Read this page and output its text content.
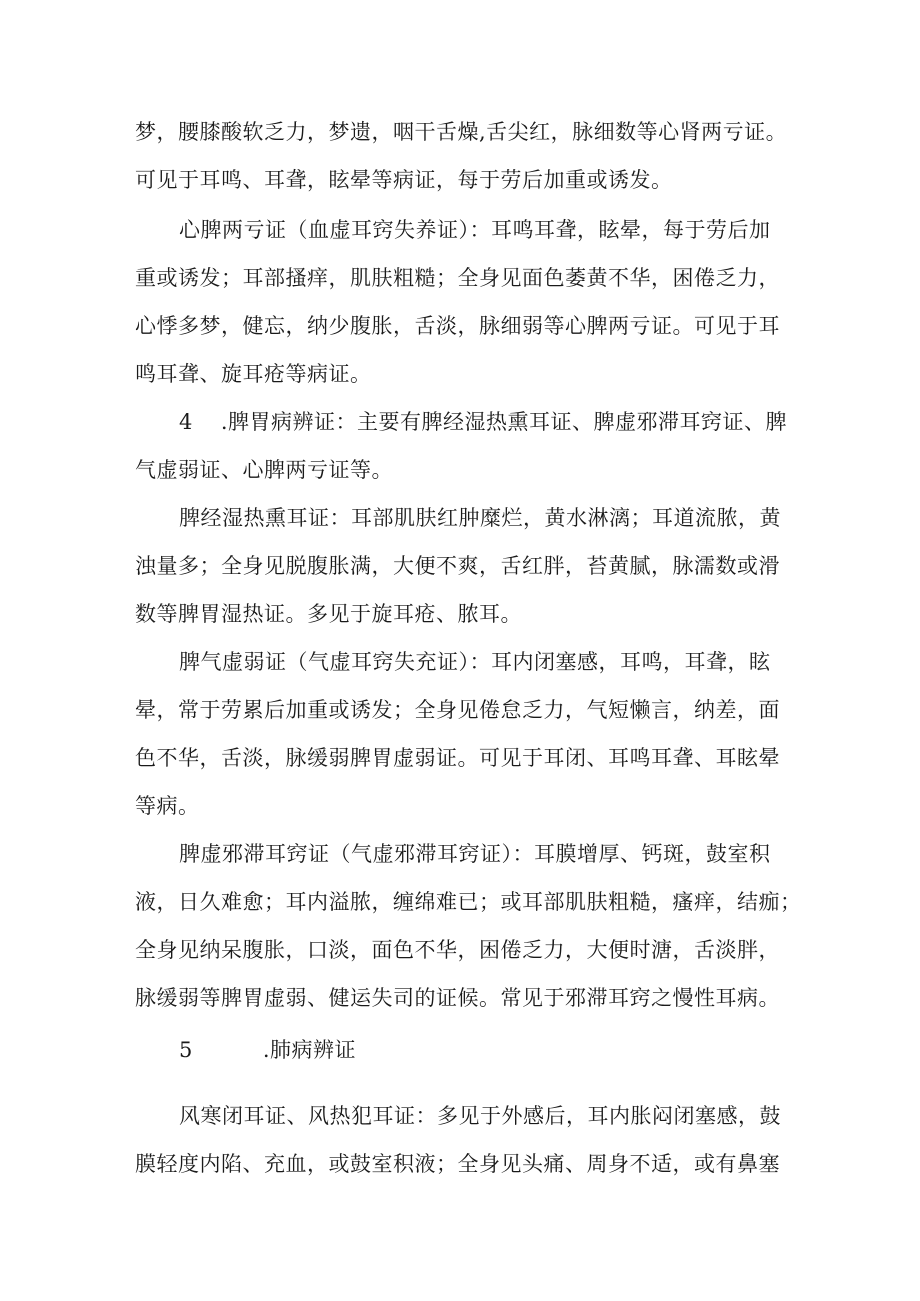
梦，腰膝酸软乏力，梦遗，咽干舌燥,舌尖红，脉细数等心肾两亏证。
可见于耳鸣、耳聋，眩晕等病证，每于劳后加重或诱发。
心脾两亏证（血虚耳窍失养证）：耳鸣耳聋，眩晕，每于劳后加
重或诱发；耳部搔痒，肌肤粗糙；全身见面色萎黄不华，困倦乏力，
心悸多梦，健忘，纳少腹胀，舌淡，脉细弱等心脾两亏证。可见于耳
鸣耳聋、旋耳疮等病证。
4 .脾胃病辨证：主要有脾经湿热熏耳证、脾虚邪滞耳窍证、脾
气虚弱证、心脾两亏证等。
脾经湿热熏耳证：耳部肌肤红肿糜烂，黄水淋漓；耳道流脓，黄
浊量多；全身见脱腹胀满，大便不爽，舌红胖，苔黄腻，脉濡数或滑
数等脾胃湿热证。多见于旋耳疮、脓耳。
脾气虚弱证（气虚耳窍失充证）：耳内闭塞感，耳鸣，耳聋，眩
晕，常于劳累后加重或诱发；全身见倦怠乏力，气短懒言，纳差，面
色不华，舌淡，脉缓弱脾胃虚弱证。可见于耳闭、耳鸣耳聋、耳眩晕
等病。
脾虚邪滞耳窍证（气虚邪滞耳窍证）：耳膜增厚、钙斑，鼓室积
液，日久难愈；耳内溢脓，缠绵难已；或耳部肌肤粗糙，瘙痒，结痂；
全身见纳呆腹胀，口淡，面色不华，困倦乏力，大便时溏，舌淡胖，
脉缓弱等脾胃虚弱、健运失司的证候。常见于邪滞耳窍之慢性耳病。
5	.肺病辨证
风寒闭耳证、风热犯耳证：多见于外感后，耳内胀闷闭塞感，鼓
膜轻度内陷、充血，或鼓室积液；全身见头痛、周身不适，或有鼻塞
